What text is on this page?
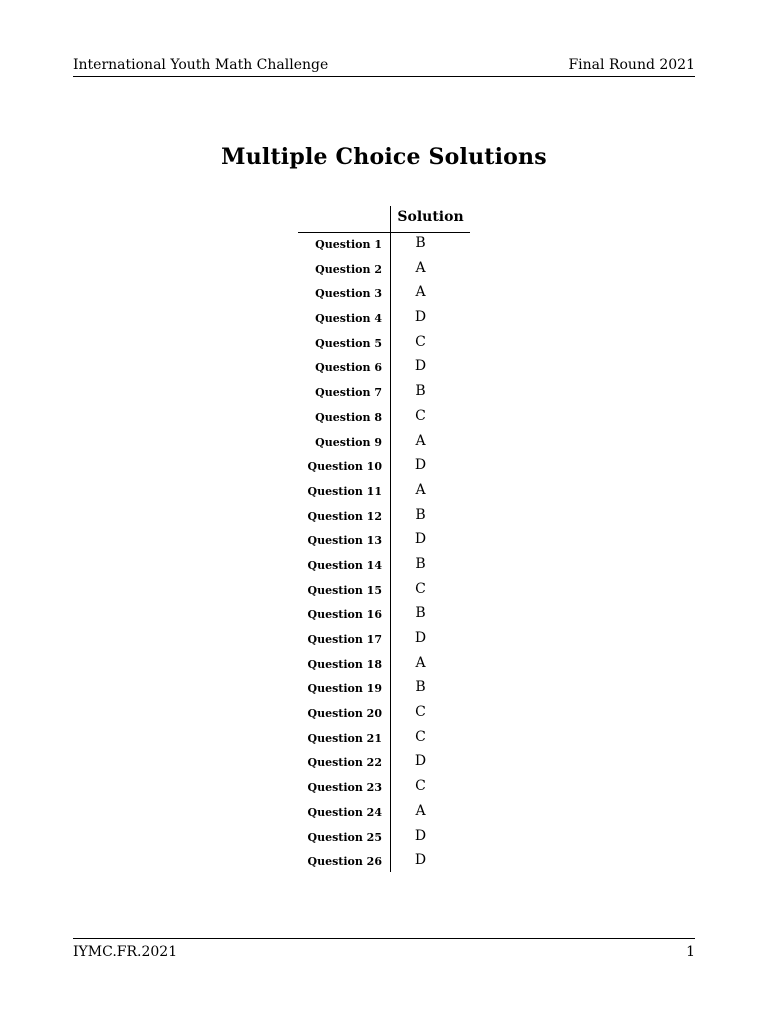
International Youth Math Challenge	Final Round 2021
Multiple Choice Solutions
Solution
Question 1	B
Question 2	A
Question 3	A
Question 4	D
Question 5	C
Question 6	D
Question 7	B
Question 8	C
Question 9	A
Question 10	D
Question 11	A
Question 12	B
Question 13	D
Question 14	B
Question 15	C
Question 16	B
Question 17	D
Question 18	A
Question 19	B
Question 20	C
Question 21	C
Question 22	D
Question 23	C
Question 24	A
Question 25	D
Question 26	D
IYMC.FR.2021	1
